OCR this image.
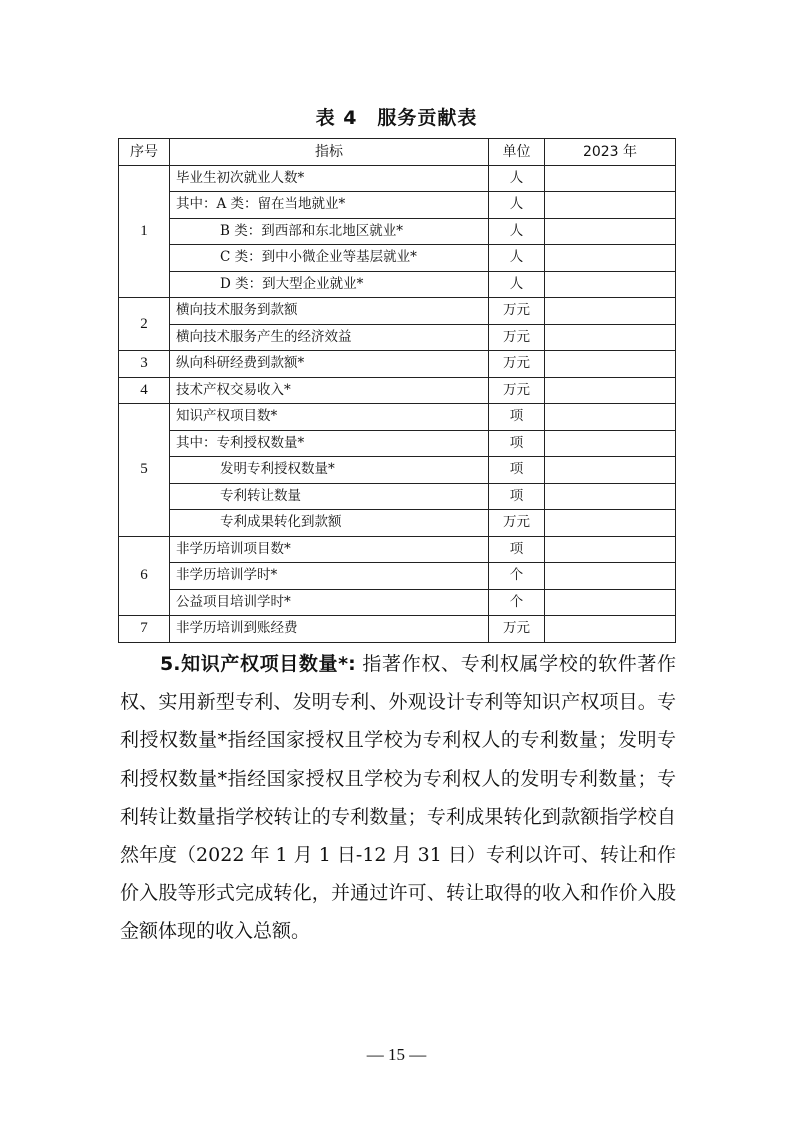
表 4　服务贡献表
序号	指标	单位	2023 年
1	毕业生初次就业人数*	人	
	其中：A 类：留在当地就业*	人	
	B 类：到西部和东北地区就业*	人	
	C 类：到中小微企业等基层就业*	人	
	D 类：到大型企业就业*	人	
2	横向技术服务到款额	万元	
	横向技术服务产生的经济效益	万元	
3	纵向科研经费到款额*	万元	
4	技术产权交易收入*	万元	
5	知识产权项目数*	项	
	其中：专利授权数量*	项	
	发明专利授权数量*	项	
	专利转让数量	项	
	专利成果转化到款额	万元	
6	非学历培训项目数*	项	
	非学历培训学时*	个	
	公益项目培训学时*	个	
7	非学历培训到账经费	万元	
5.知识产权项目数量*: 指著作权、专利权属学校的软件著作权、实用新型专利、发明专利、外观设计专利等知识产权项目。专利授权数量*指经国家授权且学校为专利权人的专利数量；发明专利授权数量*指经国家授权且学校为专利权人的发明专利数量；专利转让数量指学校转让的专利数量；专利成果转化到款额指学校自然年度（2022 年 1 月 1 日-12 月 31 日）专利以许可、转让和作价入股等形式完成转化，并通过许可、转让取得的收入和作价入股金额体现的收入总额。
— 15 —
